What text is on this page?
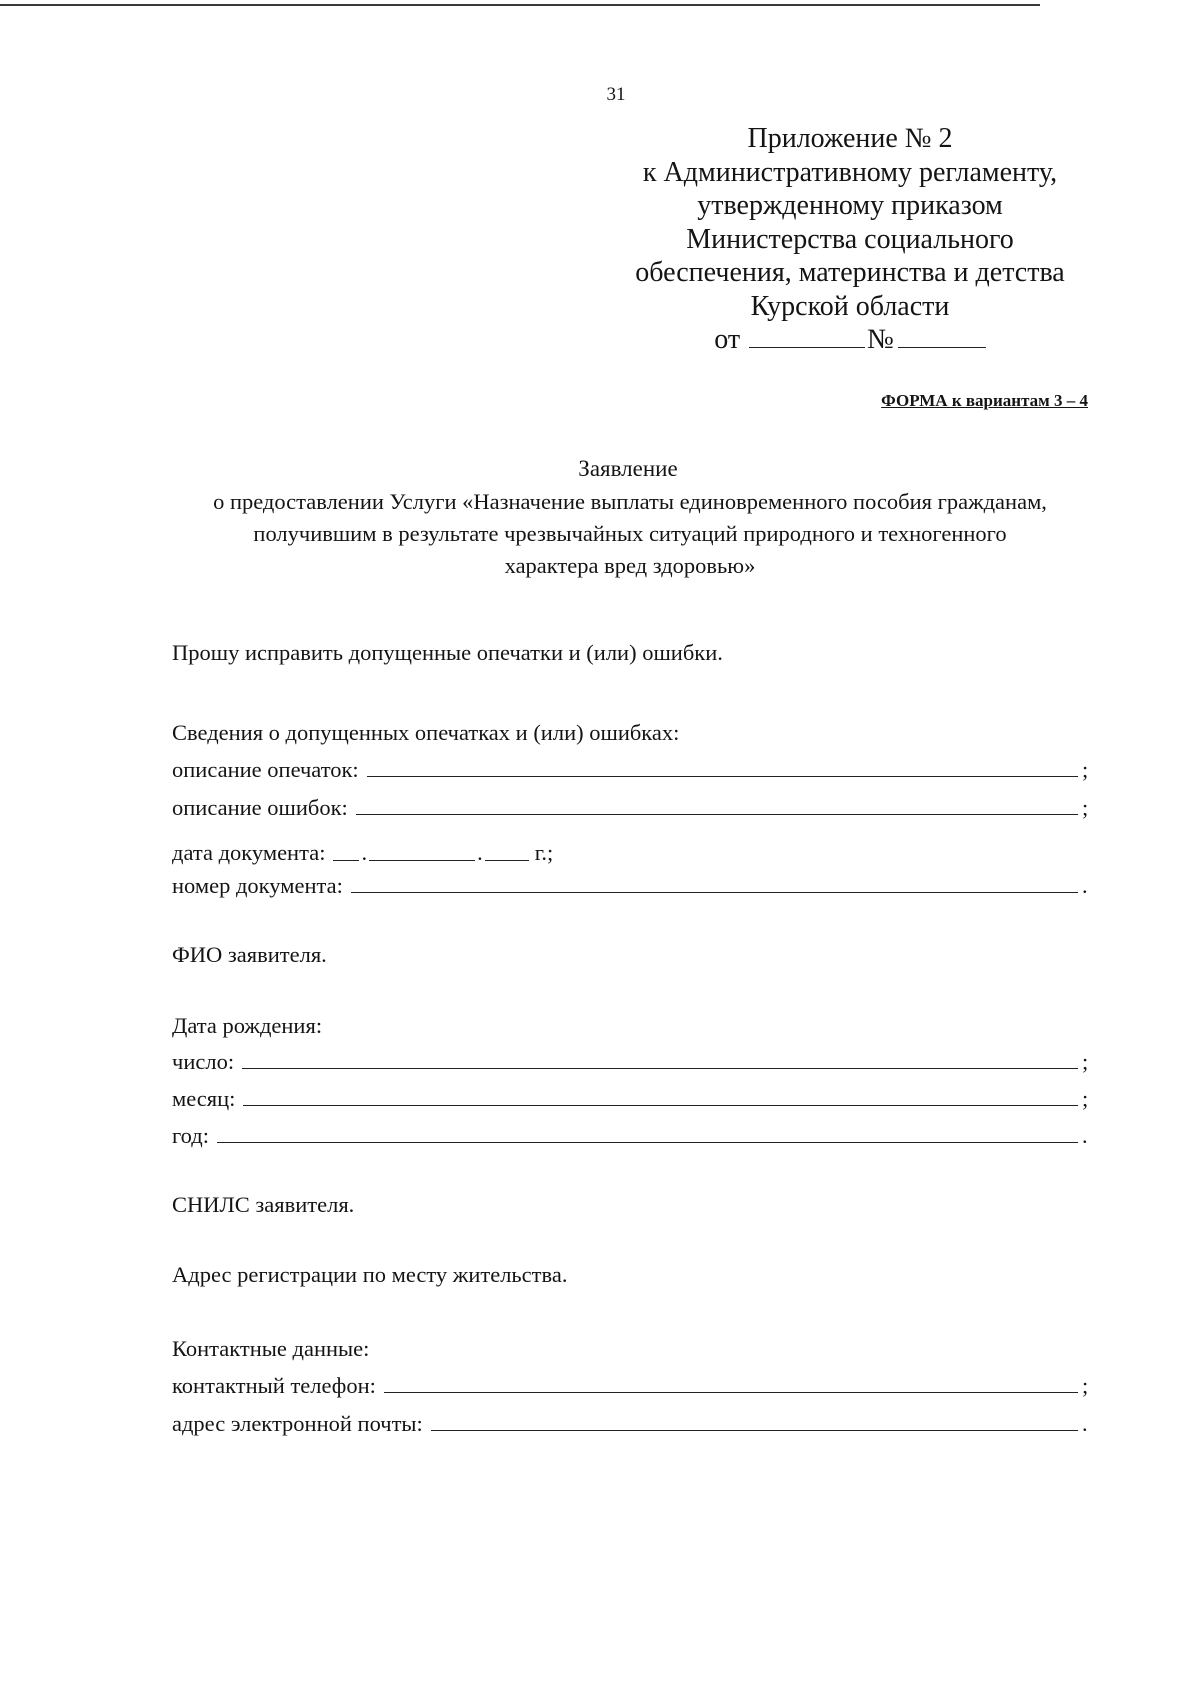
31
Приложение № 2
к Административному регламенту,
утвержденному приказом
Министерства социального
обеспечения, материнства и детства
Курской области
от	№
ФОРМА к вариантам 3 – 4
Заявление
о предоставлении Услуги «Назначение выплаты единовременного пособия гражданам,
получившим в результате чрезвычайных ситуаций природного и техногенного
характера вред здоровью»
Прошу исправить допущенные опечатки и (или) ошибки.
Сведения о допущенных опечатках и (или) ошибках:
описание опечаток:	;
описание ошибок:	;
дата документа: .	. г.;
номер документа:	.
ФИО заявителя.
Дата рождения:
число:	;
месяц:	;
год:	.
СНИЛС заявителя.
Адрес регистрации по месту жительства.
Контактные данные:
контактный телефон:	;
адрес электронной почты:	.
